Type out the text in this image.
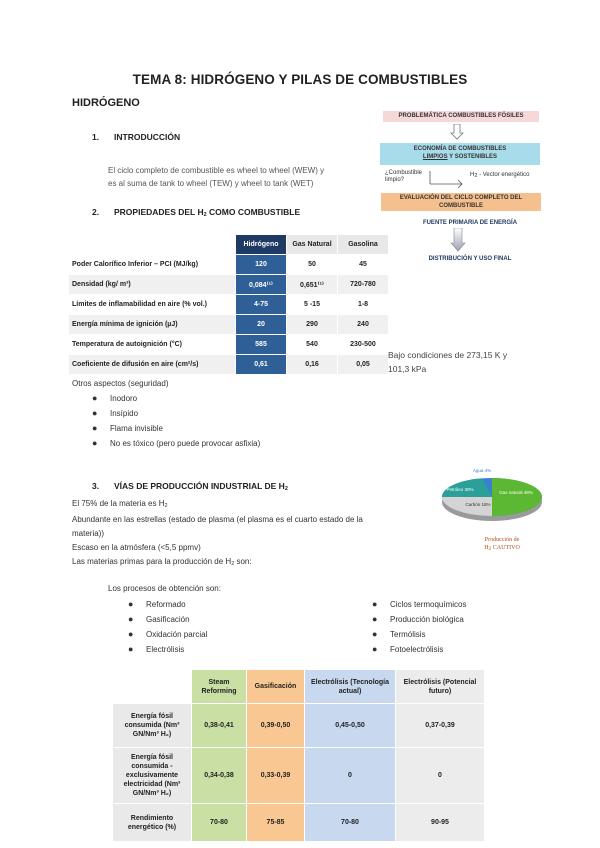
TEMA 8: HIDRÓGENO Y PILAS DE COMBUSTIBLES
HIDRÓGENO
1. INTRODUCCIÓN
El ciclo completo de combustible es wheel to wheel (WEW) y
es al suma de tank to wheel (TEW) y wheel to tank (WET)
2. PROPIEDADES DEL $H_2$ COMO COMBUSTIBLE
PROBLEMÁTICA COMBUSTIBLES FÓSILES
ECONOMÍA DE COMBUSTIBLES
LIMPIOS Y SOSTENIBLES
¿Combustible
limpio?
$H_2$ - Vector energético
EVALUACIÓN DEL CICLO COMPLETO DEL
COMBUSTIBLE
FUENTE PRIMARIA DE ENERGÍA
DISTRIBUCIÓN Y USO FINAL
	Hidrógeno	Gas Natural	Gasolina
Poder Calorífico Inferior – PCI (MJ/kg)	120	50	45
Densidad (kg/ m³)	0,084⁽¹⁾	0,651⁽¹⁾	720-780
Límites de inflamabilidad en aire (% vol.)	4-75	5 -15	1-8
Energía mínima de ignición (µJ)	20	290	240
Temperatura de autoignición (°C)	585	540	230-500
Coeficiente de difusión en aire (cm²/s)	0,61	0,16	0,05
Bajo condiciones de 273,15 K y
101,3 kPa
Otros aspectos (seguridad)
● Inodoro
● Insípido
● Flama invisible
● No es tóxico (pero puede provocar asfixia)
3. VÍAS DE PRODUCCIÓN INDUSTRIAL DE $H_2$
El 75% de la materia es $H_2$
Abundante en las estrellas (estado de plasma (el plasma es el cuarto estado de la
materia))
Escaso en la atmósfera (<5,5 ppmv)
Las materias primas para la producción de $H_2$ son:
Gas natural 48%
Petróleo 30%
Carbón 18%
Agua 4%
Producción de
$H_2$ CAUTIVO
Los procesos de obtención son:
● Reformado
● Gasificación
● Oxidación parcial
● Electrólisis
● Ciclos termoquímicos
● Producción biológica
● Termólisis
● Fotoelectrólisis
	Steam Reforming	Gasificación	Electrólisis (Tecnología actual)	Electrólisis (Potencial futuro)
Energía fósil consumida (Nm³ GN/Nm³ H₂)	0,38-0,41	0,39-0,50	0,45-0,50	0,37-0,39
Energía fósil consumida - exclusivamente electricidad (Nm³ GN/Nm³ H₂)	0,34-0,38	0,33-0,39	0	0
Rendimiento energético (%)	70-80	75-85	70-80	90-95
